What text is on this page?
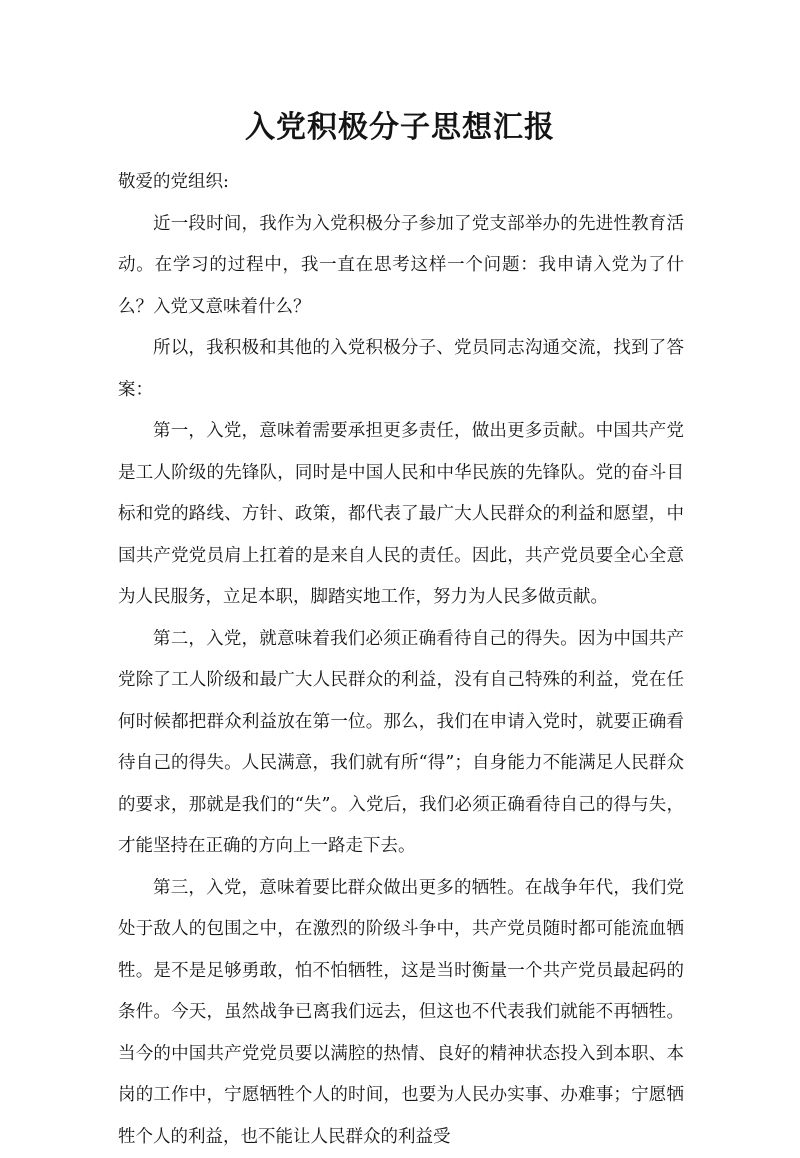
入党积极分子思想汇报

敬爱的党组织:

近一段时间，我作为入党积极分子参加了党支部举办的先进性教育活动。在学习的过程中，我一直在思考这样一个问题：我申请入党为了什么？入党又意味着什么？

所以，我积极和其他的入党积极分子、党员同志沟通交流，找到了答案：

第一，入党，意味着需要承担更多责任，做出更多贡献。中国共产党是工人阶级的先锋队，同时是中国人民和中华民族的先锋队。党的奋斗目标和党的路线、方针、政策，都代表了最广大人民群众的利益和愿望，中国共产党党员肩上扛着的是来自人民的责任。因此，共产党员要全心全意为人民服务，立足本职，脚踏实地工作，努力为人民多做贡献。

第二，入党，就意味着我们必须正确看待自己的得失。因为中国共产党除了工人阶级和最广大人民群众的利益，没有自己特殊的利益，党在任何时候都把群众利益放在第一位。那么，我们在申请入党时，就要正确看待自己的得失。人民满意，我们就有所“得”；自身能力不能满足人民群众的要求，那就是我们的“失”。入党后，我们必须正确看待自己的得与失，才能坚持在正确的方向上一路走下去。

第三，入党，意味着要比群众做出更多的牺牲。在战争年代，我们党处于敌人的包围之中，在激烈的阶级斗争中，共产党员随时都可能流血牺牲。是不是足够勇敢，怕不怕牺牲，这是当时衡量一个共产党员最起码的条件。今天，虽然战争已离我们远去，但这也不代表我们就能不再牺牲。当今的中国共产党党员要以满腔的热情、良好的精神状态投入到本职、本岗的工作中，宁愿牺牲个人的时间，也要为人民办实事、办难事；宁愿牺牲个人的利益，也不能让人民群众的利益受
